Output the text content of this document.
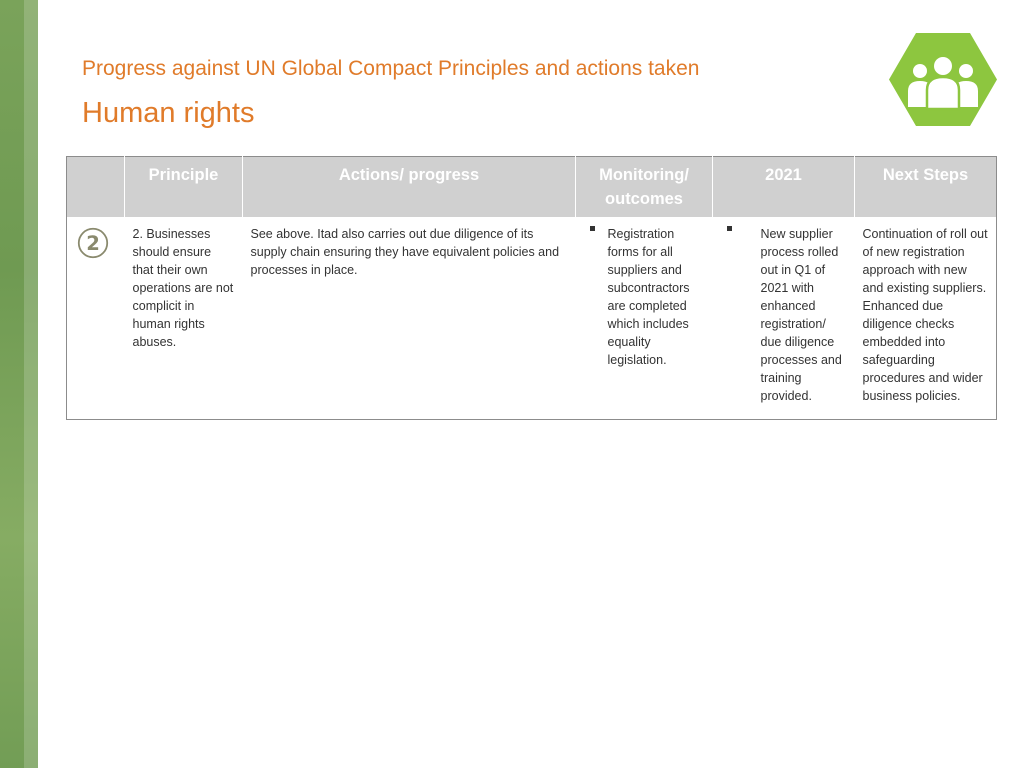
Progress against UN Global Compact Principles and actions taken
Human rights
	Principle	Actions/ progress	Monitoring/ outcomes	2021	Next Steps

2	2. Businesses should ensure that their own operations are not complicit in human rights abuses.	See above. Itad also carries out due diligence of its supply chain ensuring they have equivalent policies and processes in place.	Registration forms for all suppliers and subcontractors are completed which includes equality legislation.	New supplier process rolled out in Q1 of 2021 with enhanced registration/ due diligence processes and training provided.	Continuation of roll out of new registration approach with new and existing suppliers. Enhanced due diligence checks embedded into safeguarding procedures and wider business policies.
